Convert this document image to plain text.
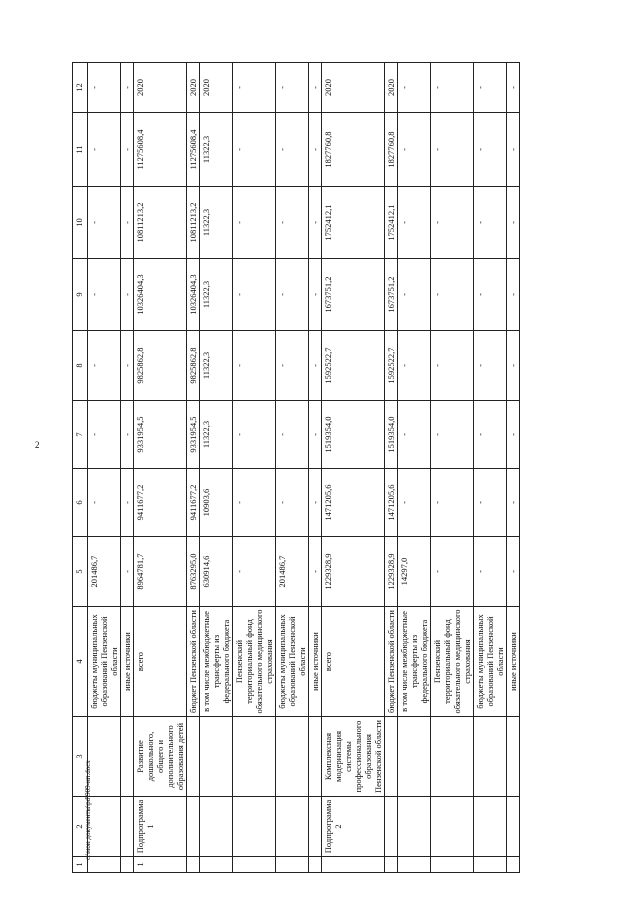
2
1	2	3	4	5	6	7	8	9	10	11	12
			бюджеты муниципальных образований Пензенской области	201486,7	-	-	-	-	-	-	-
			иные источники	-	-	-	-	-	-	-	-
1	Подпрограмма 1	Развитие дошкольного, общего и дополнительного образования детей	всего	8964781,7	9411677,2	9331954,5	9825862,8	10326404,3	10811213,2	11275608,4	2020
			бюджет Пензенской области	8763295,0	9411677,2	9331954,5	9825862,8	10326404,3	10811213,2	11275608,4	2020
			в том числе межбюджетные трансферты из федерального бюджета	630914,6	10903,6	11322,3	11322,3	11322,3	11322,3	11322,3	2020
			Пензенский территориальный фонд обязательного медицинского страхования	-	-	-	-	-	-	-	-
			бюджеты муниципальных образований Пензенской области	201486,7	-	-	-	-	-	-	-
			иные источники	-	-	-	-	-	-	-	-
	Подпрограмма 2	Комплексная модернизация системы профессионального образования Пензенской области	всего	1229328,9	1471205,6	1519354,0	1592522,7	1673751,2	1752412,1	1827760,8	2020
			бюджет Пензенской области	1229328,9	1471205,6	1519354,0	1592522,7	1673751,2	1752412,1	1827760,8	2020
			в том числе межбюджетные трансферты из федерального бюджета	14297,0	-	-	-	-	-	-	-
			Пензенский территориальный фонд обязательного медицинского страхования	-	-	-	-	-	-	-	-
			бюджеты муниципальных образований Пензенской области	-	-	-	-	-	-	-	-
			иные источники	-	-	-	-	-	-	-	-
c:\мои документы\pd\909-нп.docx
